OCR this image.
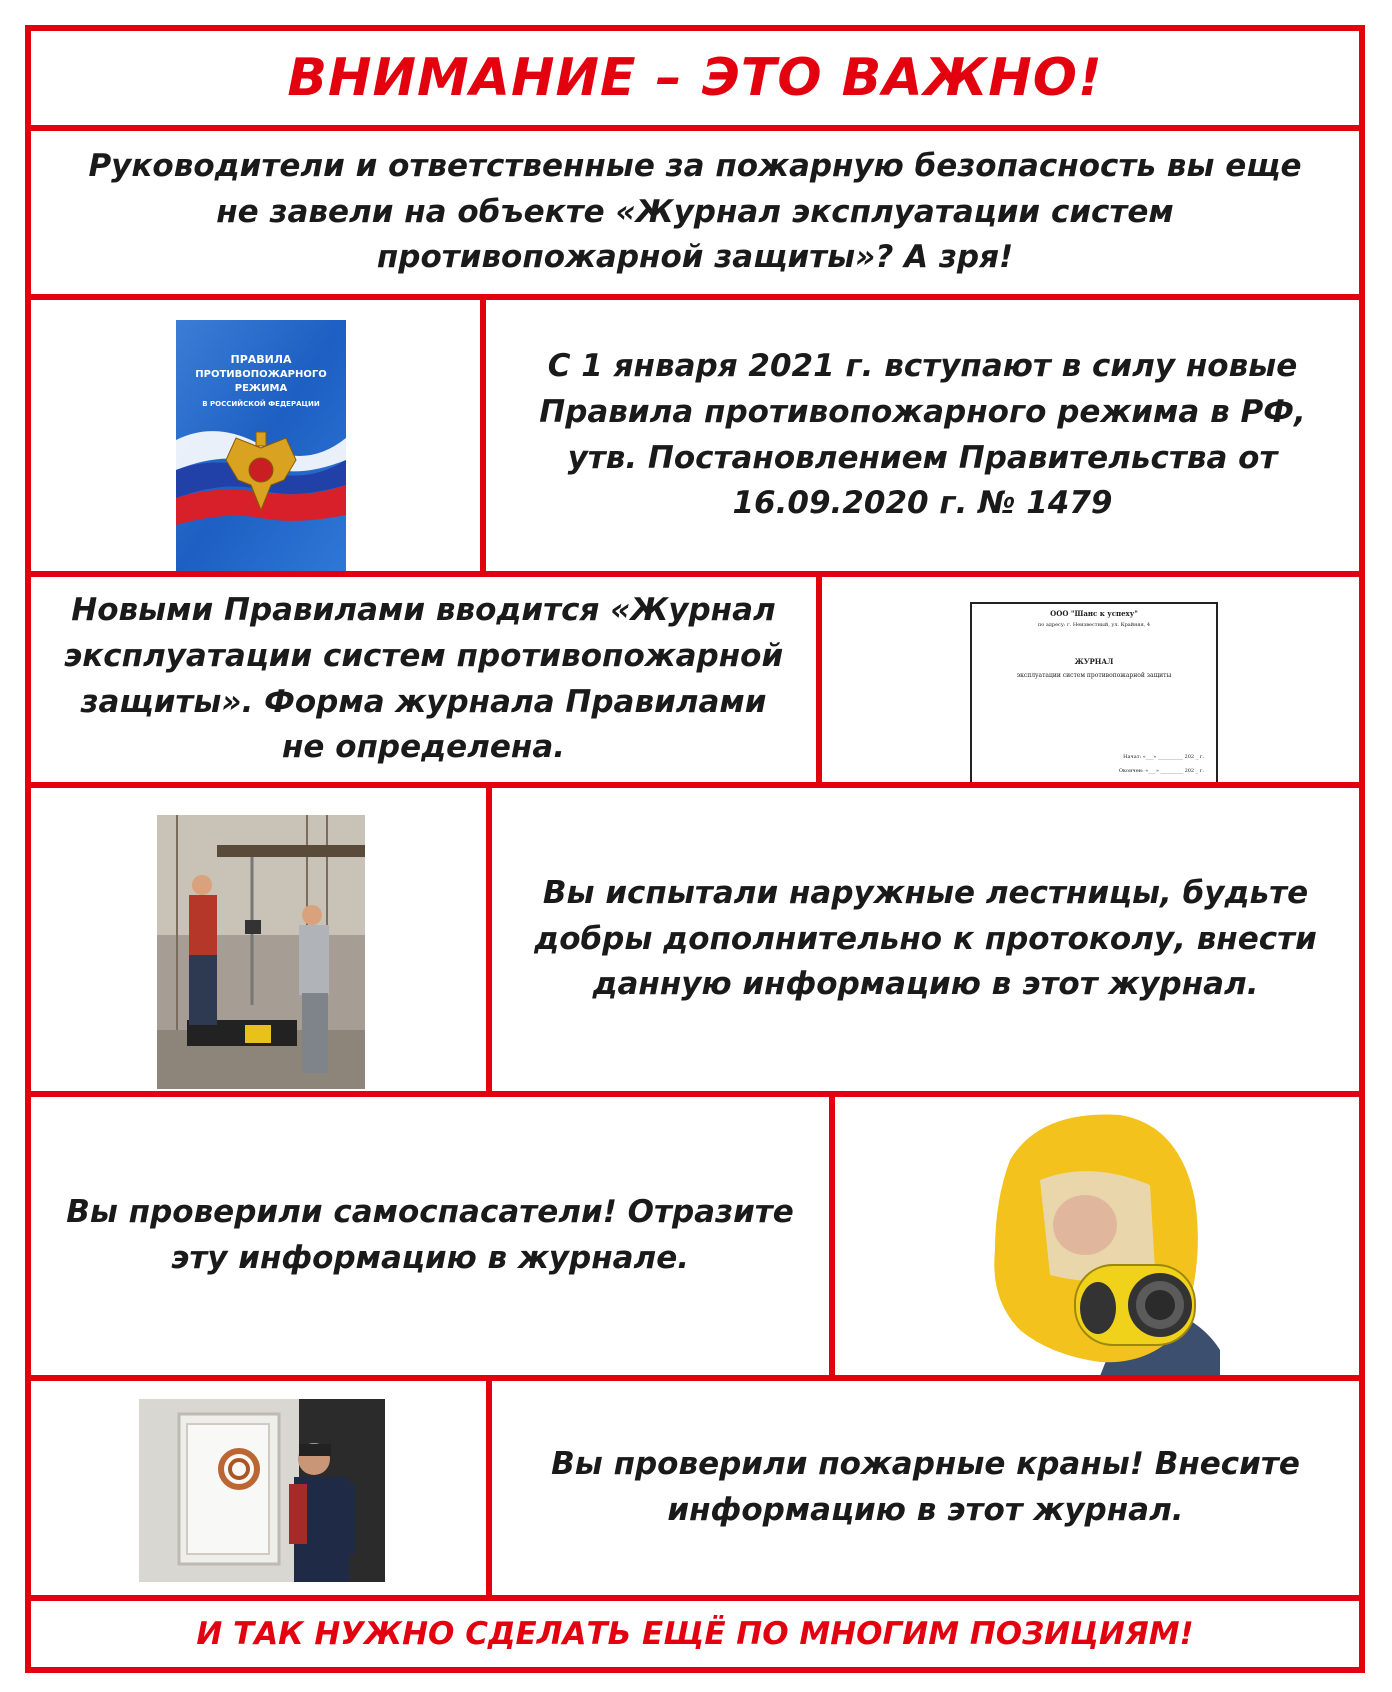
ВНИМАНИЕ – ЭТО ВАЖНО!
Руководители и ответственные за пожарную безопасность вы еще не завели на объекте «Журнал эксплуатации систем противопожарной защиты»? А зря!
ПРАВИЛА
ПРОТИВОПОЖАРНОГО
РЕЖИМА
В РОССИЙСКОЙ ФЕДЕРАЦИИ
С 1 января 2021 г. вступают в силу новые Правила противопожарного режима в РФ, утв. Постановлением Правительства от 16.09.2020 г. № 1479
Новыми Правилами вводится «Журнал эксплуатации систем противопожарной защиты». Форма журнала Правилами не определена.
ООО "Шанс к успеху"
по адресу: г. Неизвестный, ул. Крайняя, 4
ЖУРНАЛ
эксплуатации систем противопожарной защиты
Начат: «___» __________ 202 _ г.
Окончен: «___» _________ 202 _ г.
Вы испытали наружные лестницы, будьте добры дополнительно к протоколу, внести данную информацию в этот журнал.
Вы проверили самоспасатели! Отразите эту информацию в журнале.
Вы проверили пожарные краны! Внесите информацию в этот журнал.
И ТАК НУЖНО СДЕЛАТЬ ЕЩЁ ПО МНОГИМ ПОЗИЦИЯМ!
